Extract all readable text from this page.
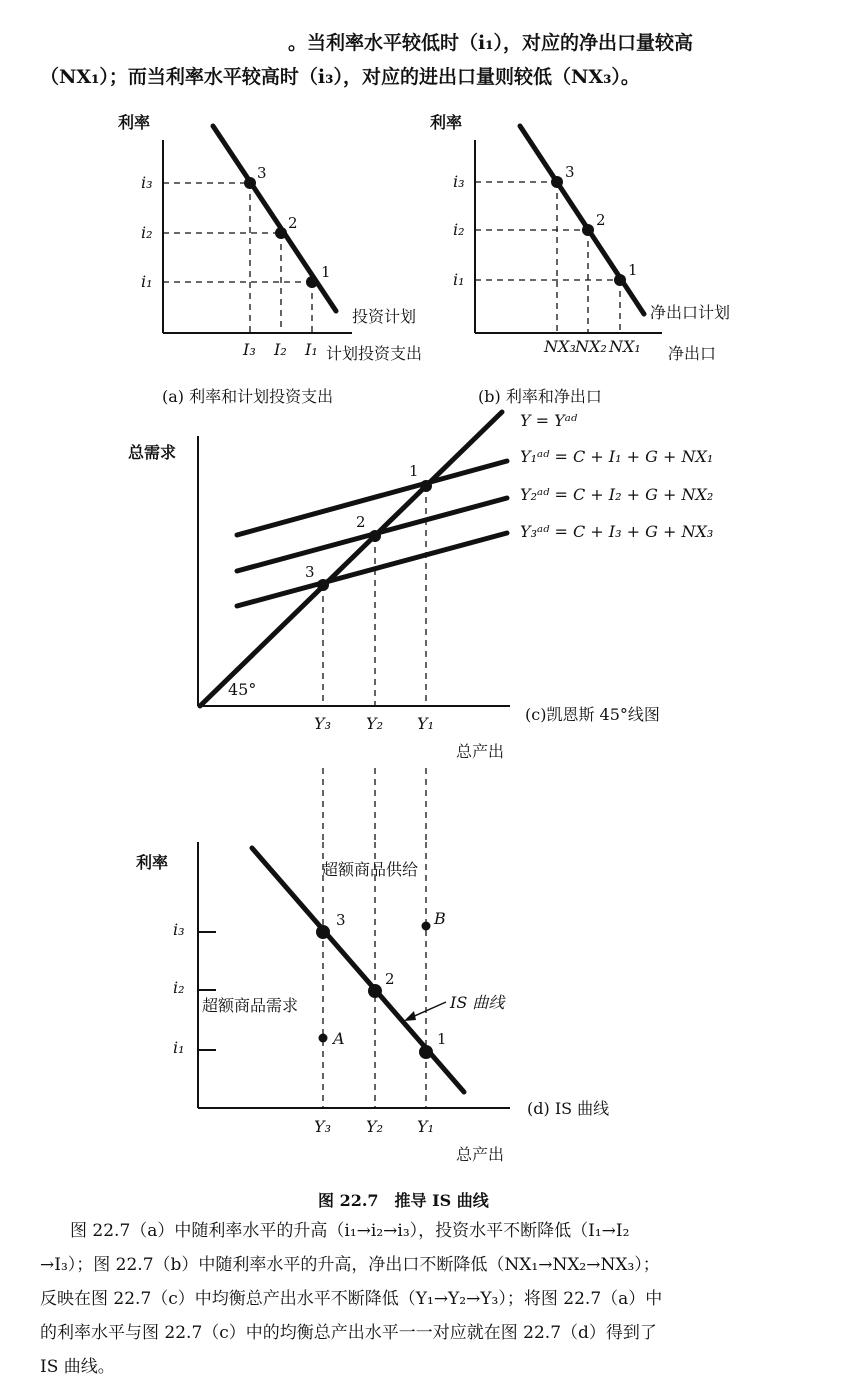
。当利率水平较低时（i₁），对应的净出口量较高
（NX₁）；而当利率水平较高时（i₃），对应的进出口量则较低（NX₃）。
利率
i₃
i₂
i₁
3
2
1
投资计划
I₃ I₂ I₁ 计划投资支出
利率
i₃
i₂
i₁
3
2
1
净出口计划
NX₃ NX₂ NX₁ 净出口
总需求
1
2
3
45°
Y = Yᵃᵈ
Y₁ᵃᵈ = C + I₁ + G + NX₁
Y₂ᵃᵈ = C + I₂ + G + NX₂
Y₃ᵃᵈ = C + I₃ + G + NX₃
Y₃ Y₂ Y₁	(c)凯恩斯 45°线图
总产出
利率
i₃
i₂
i₁
3
2
1
A
B
超额商品供给
超额商品需求	IS 曲线
Y₃ Y₂ Y₁
(d) IS 曲线
总产出
(a) 利率和计划投资支出	(b) 利率和净出口
图 22.7　推导 IS 曲线
图 22.7（a）中随利率水平的升高（i₁→i₂→i₃），投资水平不断降低（I₁→I₂
→I₃）；图 22.7（b）中随利率水平的升高，净出口不断降低（NX₁→NX₂→NX₃）；
反映在图 22.7（c）中均衡总产出水平不断降低（Y₁→Y₂→Y₃）；将图 22.7（a）中
的利率水平与图 22.7（c）中的均衡总产出水平一一对应就在图 22.7（d）得到了
IS 曲线。
